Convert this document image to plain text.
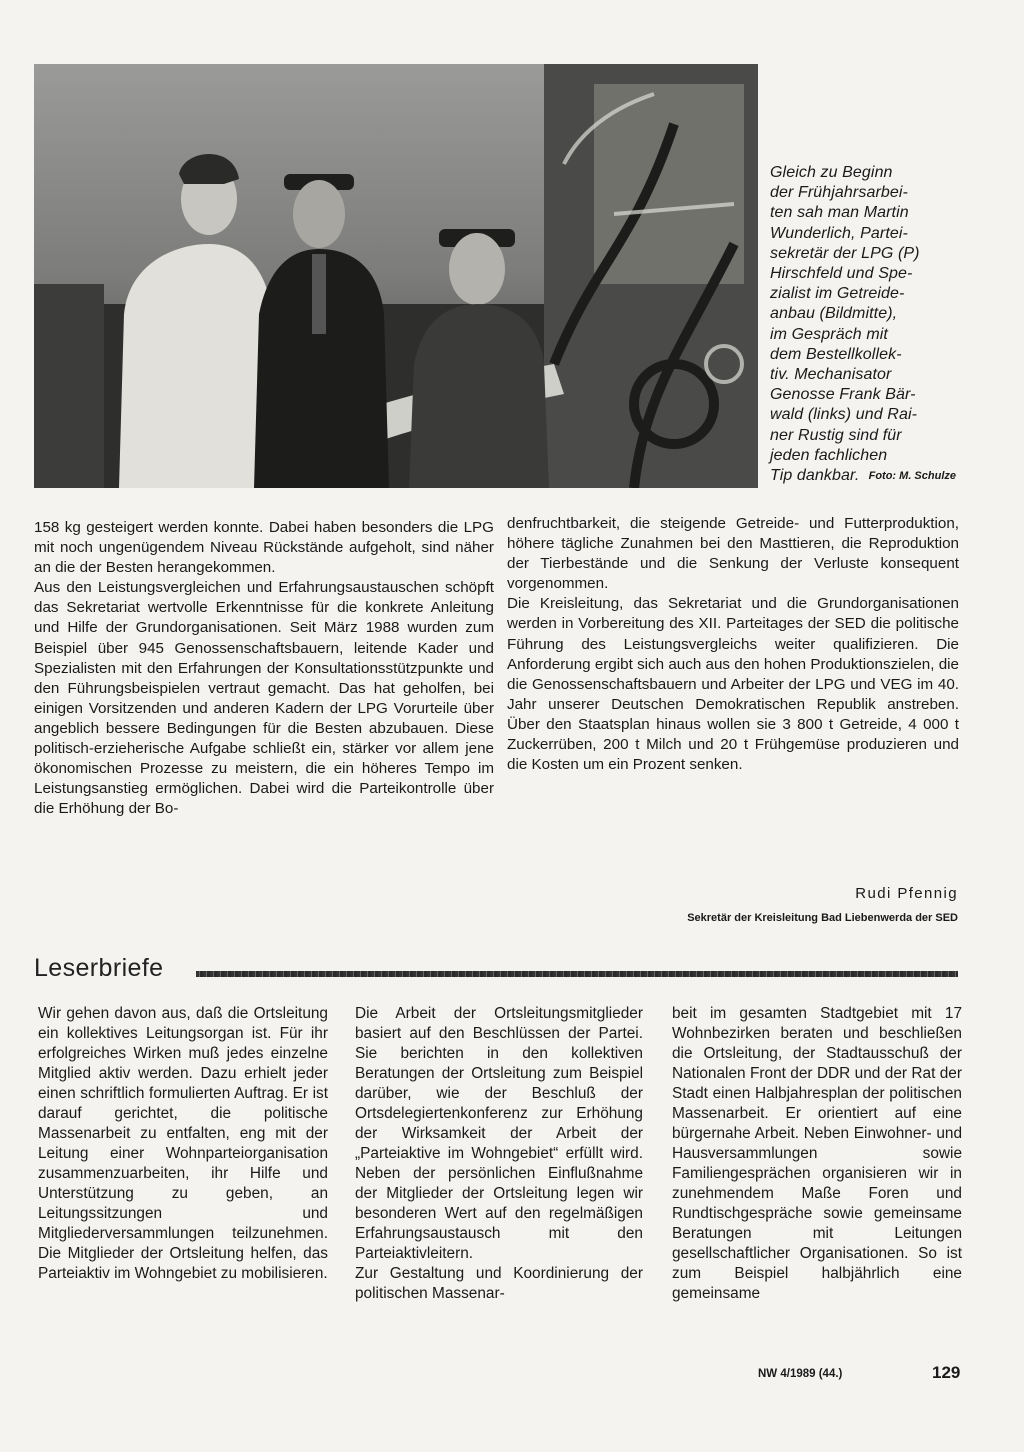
Gleich zu Beginn
der Frühjahrsarbei-
ten sah man Martin
Wunderlich, Partei-
sekretär der LPG (P)
Hirschfeld und Spe-
zialist im Getreide-
anbau (Bildmitte),
im Gespräch mit
dem Bestellkollek-
tiv. Mechanisator
Genosse Frank Bär-
wald (links) und Rai-
ner Rustig sind für
jeden fachlichen
Tip dankbar. Foto: M. Schulze

158 kg gesteigert werden konnte. Dabei haben besonders die LPG mit noch ungenügendem Niveau Rückstände aufgeholt, sind näher an die der Besten herangekommen.

Aus den Leistungsvergleichen und Erfahrungsaustauschen schöpft das Sekretariat wertvolle Erkenntnisse für die konkrete Anleitung und Hilfe der Grundorganisationen. Seit März 1988 wurden zum Beispiel über 945 Genossenschaftsbauern, leitende Kader und Spezialisten mit den Erfahrungen der Konsultationsstützpunkte und den Führungsbeispielen vertraut gemacht. Das hat geholfen, bei einigen Vorsitzenden und anderen Kadern der LPG Vorurteile über angeblich bessere Bedingungen für die Besten abzubauen. Diese politisch-erzieherische Aufgabe schließt ein, stärker vor allem jene ökonomischen Prozesse zu meistern, die ein höheres Tempo im Leistungsanstieg ermöglichen. Dabei wird die Parteikontrolle über die Erhöhung der Bo-

denfruchtbarkeit, die steigende Getreide- und Futterproduktion, höhere tägliche Zunahmen bei den Masttieren, die Reproduktion der Tierbestände und die Senkung der Verluste konsequent vorgenommen.

Die Kreisleitung, das Sekretariat und die Grundorganisationen werden in Vorbereitung des XII. Parteitages der SED die politische Führung des Leistungsvergleichs weiter qualifizieren. Die Anforderung ergibt sich auch aus den hohen Produktionszielen, die die Genossenschaftsbauern und Arbeiter der LPG und VEG im 40. Jahr unserer Deutschen Demokratischen Republik anstreben. Über den Staatsplan hinaus wollen sie 3 800 t Getreide, 4 000 t Zuckerrüben, 200 t Milch und 20 t Frühgemüse produzieren und die Kosten um ein Prozent senken.

Rudi Pfennig
Sekretär der Kreisleitung Bad Liebenwerda der SED
Leserbriefe

Wir gehen davon aus, daß die Ortsleitung ein kollektives Leitungsorgan ist. Für ihr erfolgreiches Wirken muß jedes einzelne Mitglied aktiv werden. Dazu erhielt jeder einen schriftlich formulierten Auftrag. Er ist darauf gerichtet, die politische Massenarbeit zu entfalten, eng mit der Leitung einer Wohnparteiorganisation zusammenzuarbeiten, ihr Hilfe und Unterstützung zu geben, an Leitungssitzungen und Mitgliederversammlungen teilzunehmen. Die Mitglieder der Ortsleitung helfen, das Parteiaktiv im Wohngebiet zu mobilisieren.

Die Arbeit der Ortsleitungsmitglieder basiert auf den Beschlüssen der Partei. Sie berichten in den kollektiven Beratungen der Ortsleitung zum Beispiel darüber, wie der Beschluß der Ortsdelegiertenkonferenz zur Erhöhung der Wirksamkeit der Arbeit der „Parteiaktive im Wohngebiet“ erfüllt wird. Neben der persönlichen Einflußnahme der Mitglieder der Ortsleitung legen wir besonderen Wert auf den regelmäßigen Erfahrungsaustausch mit den Parteiaktivleitern.

Zur Gestaltung und Koordinierung der politischen Massenar-

beit im gesamten Stadtgebiet mit 17 Wohnbezirken beraten und beschließen die Ortsleitung, der Stadtausschuß der Nationalen Front der DDR und der Rat der Stadt einen Halbjahresplan der politischen Massenarbeit. Er orientiert auf eine bürgernahe Arbeit. Neben Einwohner- und Hausversammlungen sowie Familiengesprächen organisieren wir in zunehmendem Maße Foren und Rundtischgespräche sowie gemeinsame Beratungen mit Leitungen gesellschaftlicher Organisationen. So ist zum Beispiel halbjährlich eine gemeinsame

NW 4/1989 (44.)	129
